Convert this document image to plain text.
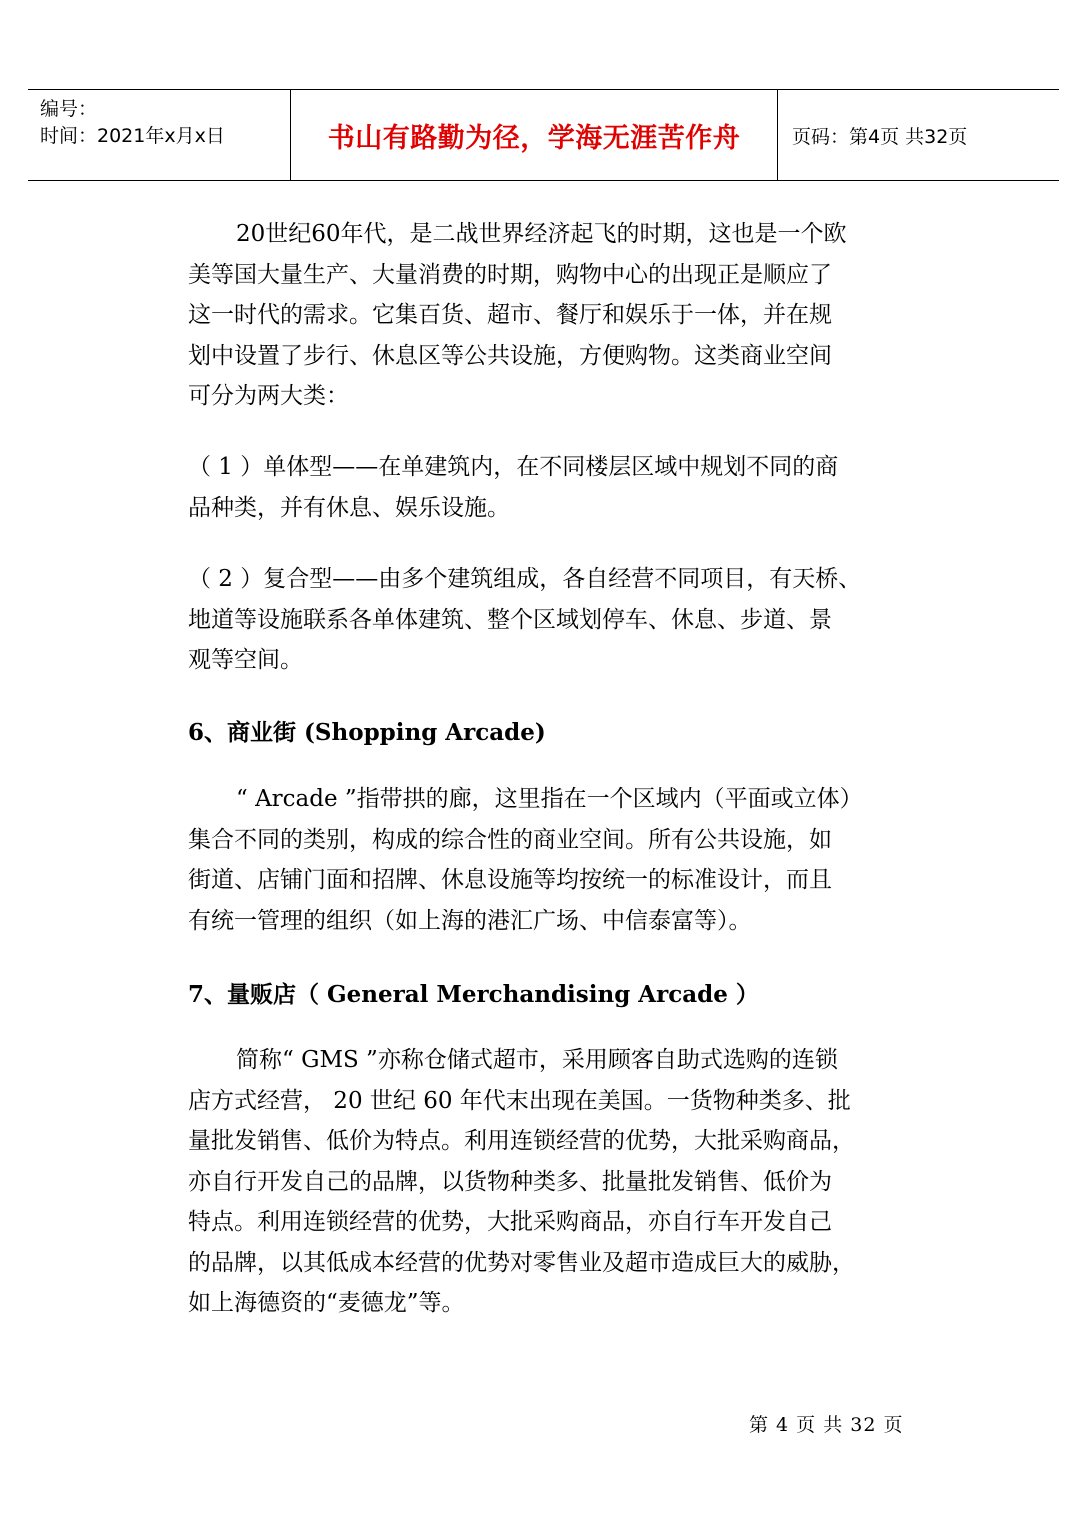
编号：
时间：2021年x月x日	书山有路勤为径，学海无涯苦作舟	页码：第4页 共32页
20世纪60年代，是二战世界经济起飞的时期，这也是一个欧
美等国大量生产、大量消费的时期，购物中心的出现正是顺应了
这一时代的需求。它集百货、超市、餐厅和娱乐于一体，并在规
划中设置了步行、休息区等公共设施，方便购物。这类商业空间
可分为两大类：
（ 1 ）单体型——在单建筑内，在不同楼层区域中规划不同的商
品种类，并有休息、娱乐设施。
（ 2 ）复合型——由多个建筑组成，各自经营不同项目，有天桥、
地道等设施联系各单体建筑、整个区域划停车、休息、步道、景
观等空间。
6、商业街 (Shopping Arcade)
“ Arcade ”指带拱的廊，这里指在一个区域内（平面或立体）
集合不同的类别，构成的综合性的商业空间。所有公共设施，如
街道、店铺门面和招牌、休息设施等均按统一的标准设计，而且
有统一管理的组织（如上海的港汇广场、中信泰富等）。
7、量贩店（ General Merchandising Arcade ）
简称“ GMS ”亦称仓储式超市，采用顾客自助式选购的连锁
店方式经营， 20 世纪 60 年代末出现在美国。一货物种类多、批
量批发销售、低价为特点。利用连锁经营的优势，大批采购商品，
亦自行开发自己的品牌，以货物种类多、批量批发销售、低价为
特点。利用连锁经营的优势，大批采购商品，亦自行车开发自己
的品牌，以其低成本经营的优势对零售业及超市造成巨大的威胁，
如上海德资的“麦德龙”等。
第 4 页 共 32 页
